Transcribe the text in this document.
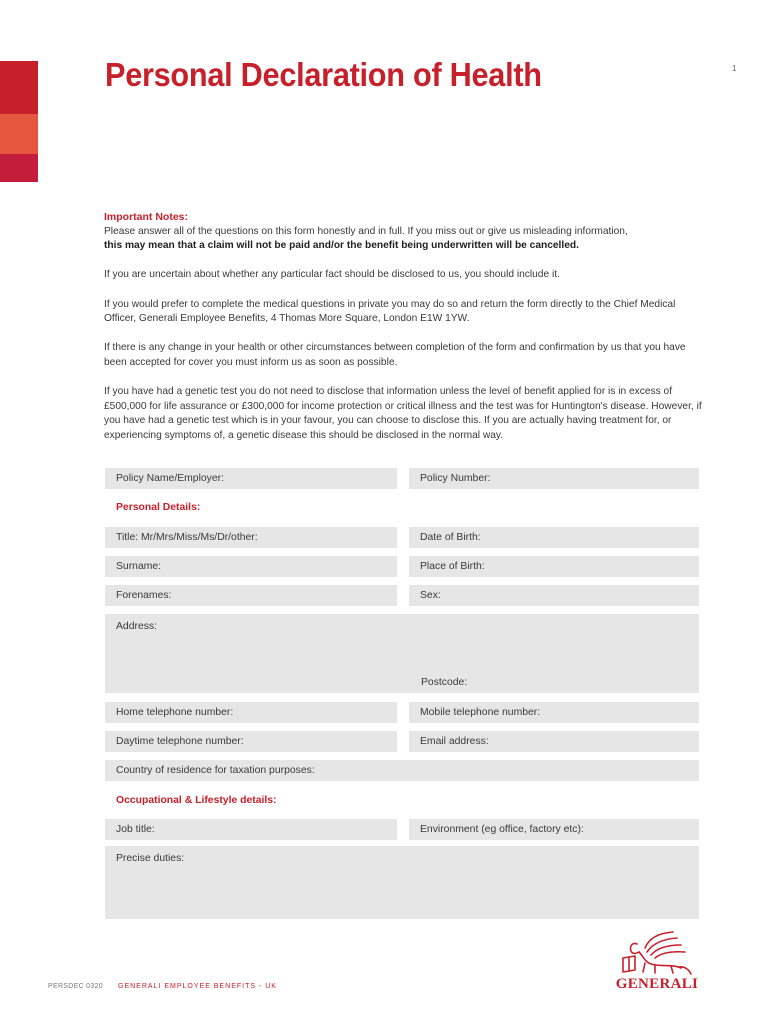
Personal Declaration of Health	1
Important Notes:

Please answer all of the questions on this form honestly and in full. If you miss out or give us misleading information,
this may mean that a claim will not be paid and/or the benefit being underwritten will be cancelled.

If you are uncertain about whether any particular fact should be disclosed to us, you should include it.

If you would prefer to complete the medical questions in private you may do so and return the form directly to the Chief Medical Officer, Generali Employee Benefits, 4 Thomas More Square, London E1W 1YW.

If there is any change in your health or other circumstances between completion of the form and confirmation by us that you have been accepted for cover you must inform us as soon as possible.

If you have had a genetic test you do not need to disclose that information unless the level of benefit applied for is in excess of £500,000 for life assurance or £300,000 for income protection or critical illness and the test was for Huntington's disease. However, if you have had a genetic test which is in your favour, you can choose to disclose this. If you are actually having treatment for, or experiencing symptoms of, a genetic disease this should be disclosed in the normal way.

Policy Name/Employer:	Policy Number:
Personal Details:
Title: Mr/Mrs/Miss/Ms/Dr/other:	Date of Birth:
Surname:	Place of Birth:
Forenames:	Sex:
Address:
Postcode:
Home telephone number:	Mobile telephone number:
Daytime telephone number:	Email address:
Country of residence for taxation purposes:
Occupational & Lifestyle details:
Job title:	Environment (eg office, factory etc):
Precise duties:
PERSDEC 0320 GENERALI EMPLOYEE BENEFITS - UK	GENERALI
